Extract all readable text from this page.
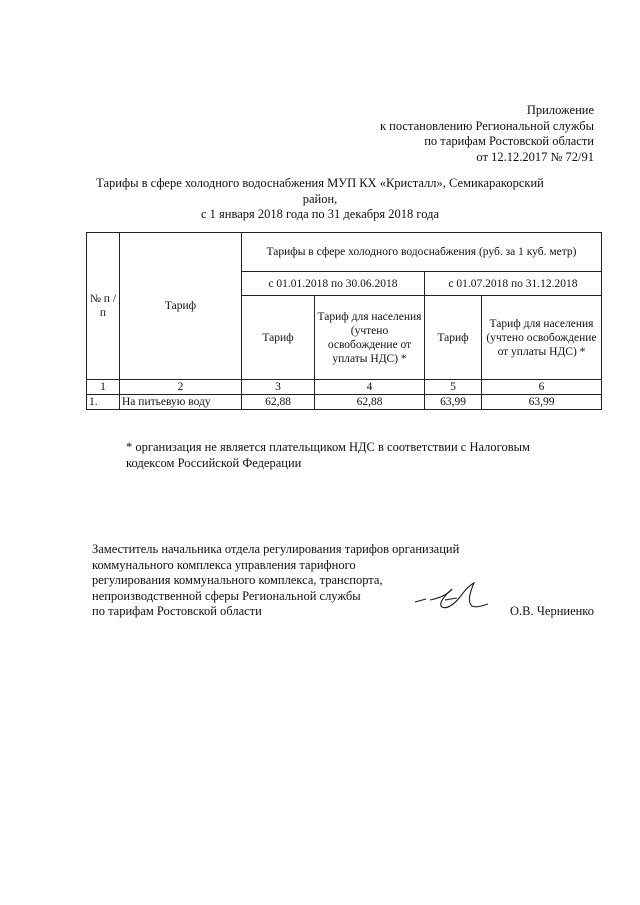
Приложение
к постановлению Региональной службы
по тарифам Ростовской области
от 12.12.2017 № 72/91
Тарифы в сфере холодного водоснабжения МУП КХ «Кристалл», Семикаракорский
район,
с 1 января 2018 года по 31 декабря 2018 года
№ п /п	Тариф	Тарифы в сфере холодного водоснабжения (руб. за 1 куб. метр)			
		с 01.01.2018 по 30.06.2018		с 01.07.2018 по 31.12.2018	
		Тариф	Тариф для населения (учтено освобождение от уплаты НДС) *	Тариф	Тариф для населения (учтено освобождение от уплаты НДС) *
1	2	3	4	5	6
1.	На питьевую воду	62,88	62,88	63,99	63,99
* организация не является плательщиком НДС в соответствии с Налоговым кодексом Российской Федерации
Заместитель начальника отдела регулирования тарифов организаций
коммунального комплекса управления тарифного
регулирования коммунального комплекса, транспорта,
непроизводственной сферы Региональной службы
по тарифам Ростовской области	О.В. Черниенко
